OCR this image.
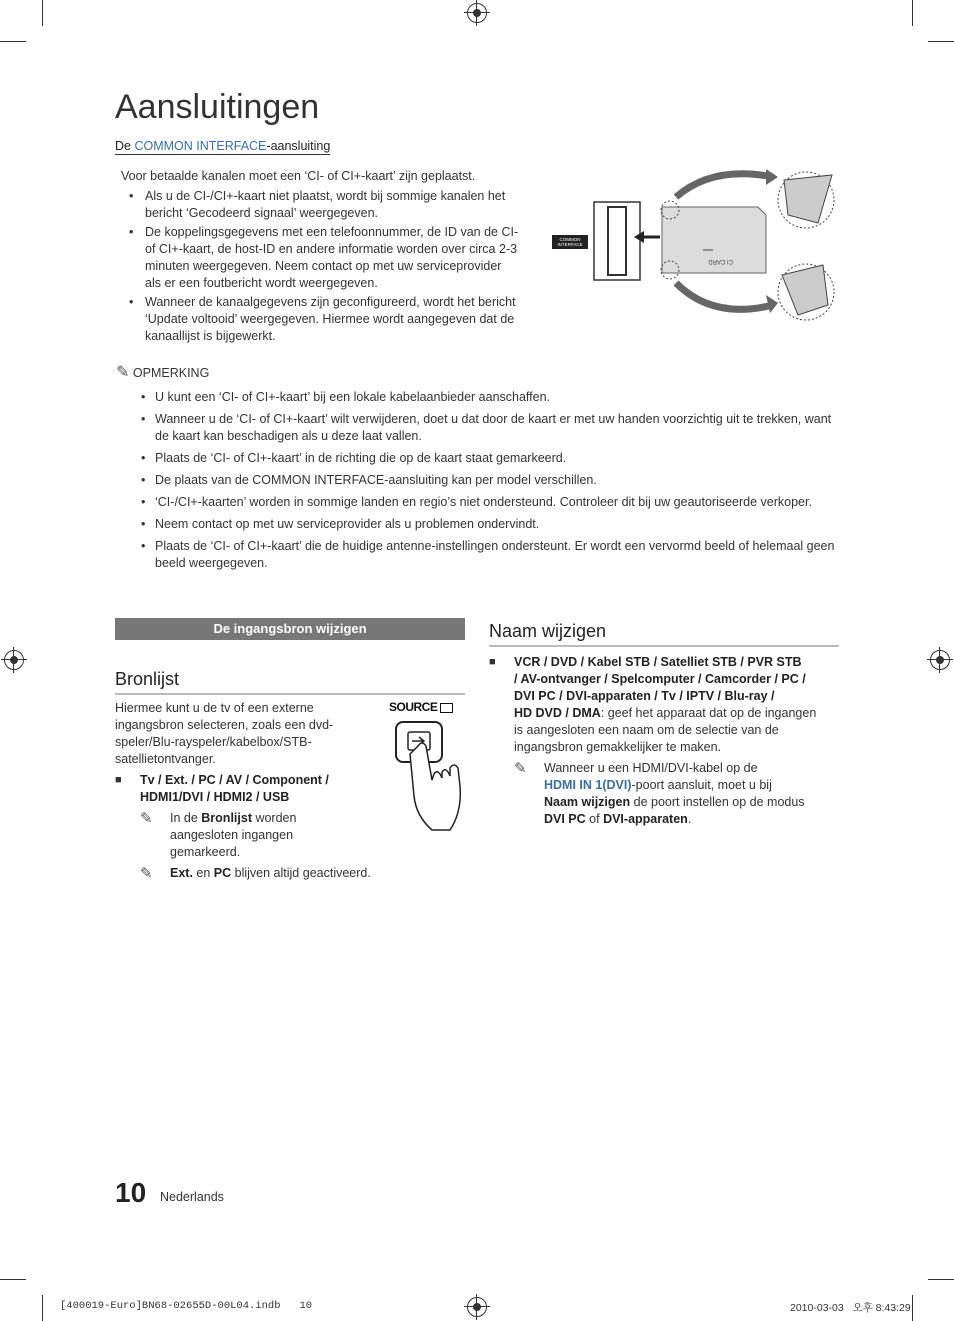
Aansluitingen
De COMMON INTERFACE-aansluiting
Voor betaalde kanalen moet een ‘CI- of CI+-kaart’ zijn geplaatst.
• Als u de CI-/CI+-kaart niet plaatst, wordt bij sommige kanalen het bericht ‘Gecodeerd signaal’ weergegeven.
• De koppelingsgegevens met een telefoonnummer, de ID van de CI- of CI+-kaart, de host-ID en andere informatie worden over circa 2-3 minuten weergegeven. Neem contact op met uw serviceprovider als er een foutbericht wordt weergegeven.
• Wanneer de kanaalgegevens zijn geconfigureerd, wordt het bericht ‘Update voltooid’ weergegeven. Hiermee wordt aangegeven dat de kanaallijst is bijgewerkt.
COMMON
INTERFACE
CI CARD
✎ OPMERKING
• U kunt een ‘CI- of CI+-kaart’ bij een lokale kabelaanbieder aanschaffen.
• Wanneer u de ‘CI- of CI+-kaart’ wilt verwijderen, doet u dat door de kaart er met uw handen voorzichtig uit te trekken, want de kaart kan beschadigen als u deze laat vallen.
• Plaats de ‘CI- of CI+-kaart’ in de richting die op de kaart staat gemarkeerd.
• De plaats van de COMMON INTERFACE-aansluiting kan per model verschillen.
• ‘CI-/CI+-kaarten’ worden in sommige landen en regio’s niet ondersteund. Controleer dit bij uw geautoriseerde verkoper.
• Neem contact op met uw serviceprovider als u problemen ondervindt.
• Plaats de ‘CI- of CI+-kaart’ die de huidige antenne-instellingen ondersteunt. Er wordt een vervormd beeld of helemaal geen beeld weergegeven.
De ingangsbron wijzigen
Bronlijst
Hiermee kunt u de tv of een externe
ingangsbron selecteren, zoals een dvd-
speler/Blu-rayspeler/kabelbox/STB-
satellietontvanger.
SOURCE
■	Tv / Ext. / PC / AV / Component /
HDMI1/DVI / HDMI2 / USB
✎	In de Bronlijst worden
aangesloten ingangen
gemarkeerd.
✎	Ext. en PC blijven altijd geactiveerd.
Naam wijzigen
■	VCR / DVD / Kabel STB / Satelliet STB / PVR STB
/ AV-ontvanger / Spelcomputer / Camcorder / PC /
DVI PC / DVI-apparaten / Tv / IPTV / Blu-ray /
HD DVD / DMA: geef het apparaat dat op de ingangen
is aangesloten een naam om de selectie van de
ingangsbron gemakkelijker te maken.
✎	Wanneer u een HDMI/DVI-kabel op de
HDMI IN 1(DVI)-poort aansluit, moet u bij
Naam wijzigen de poort instellen op de modus
DVI PC of DVI-apparaten.
10 Nederlands
[400019-Euro]BN68-02655D-00L04.indb   10	2010-03-03   오후 8:43:29
